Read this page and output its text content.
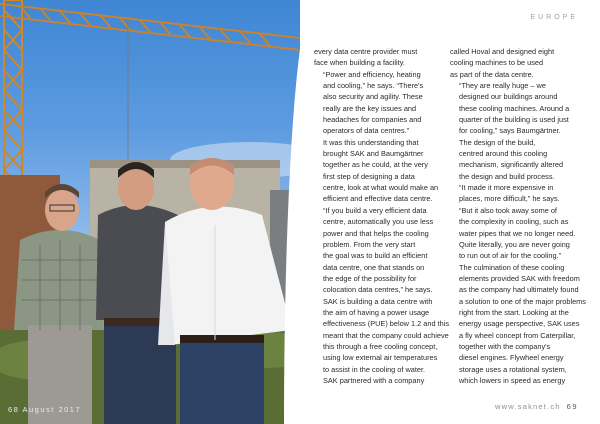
68 August 2017
EUROPE

every data centre provider must
face when building a facility.

“Power and efficiency, heating
and cooling,” he says. “There's
also security and agility. These
really are the key issues and
headaches for companies and
operators of data centres.”

It was this understanding that
brought SAK and Baumgärtner
together as he could, at the very
first step of designing a data
centre, look at what would make an
efficient and effective data centre.

“If you build a very efficient data
centre, automatically you use less
power and that helps the cooling
problem. From the very start
the goal was to build an efficient
data centre, one that stands on
the edge of the possibility for
colocation data centres,” he says.

SAK is building a data centre with
the aim of having a power usage
effectiveness (PUE) below 1.2 and this
meant that the company could achieve
this through a free cooling concept,
using low external air temperatures
to assist in the cooling of water.

SAK partnered with a company

called Hoval and designed eight
cooling machines to be used
as part of the data centre.

“They are really huge – we
designed our buildings around
these cooling machines. Around a
quarter of the building is used just
for cooling,” says Baumgärtner.

The design of the build,
centred around this cooling
mechanism, significantly altered
the design and build process.

“It made it more expensive in
places, more difficult,” he says.
“But it also took away some of
the complexity in cooling, such as
water pipes that we no longer need.
Quite literally, you are never going
to run out of air for the cooling.”

The culmination of these cooling
elements provided SAK with freedom
as the company had ultimately found
a solution to one of the major problems
right from the start. Looking at the
energy usage perspective, SAK uses
a fly wheel concept from Caterpillar,
together with the company's
diesel engines. Flywheel energy
storage uses a rotational system,
which lowers in speed as energy

www.saknet.ch 69
